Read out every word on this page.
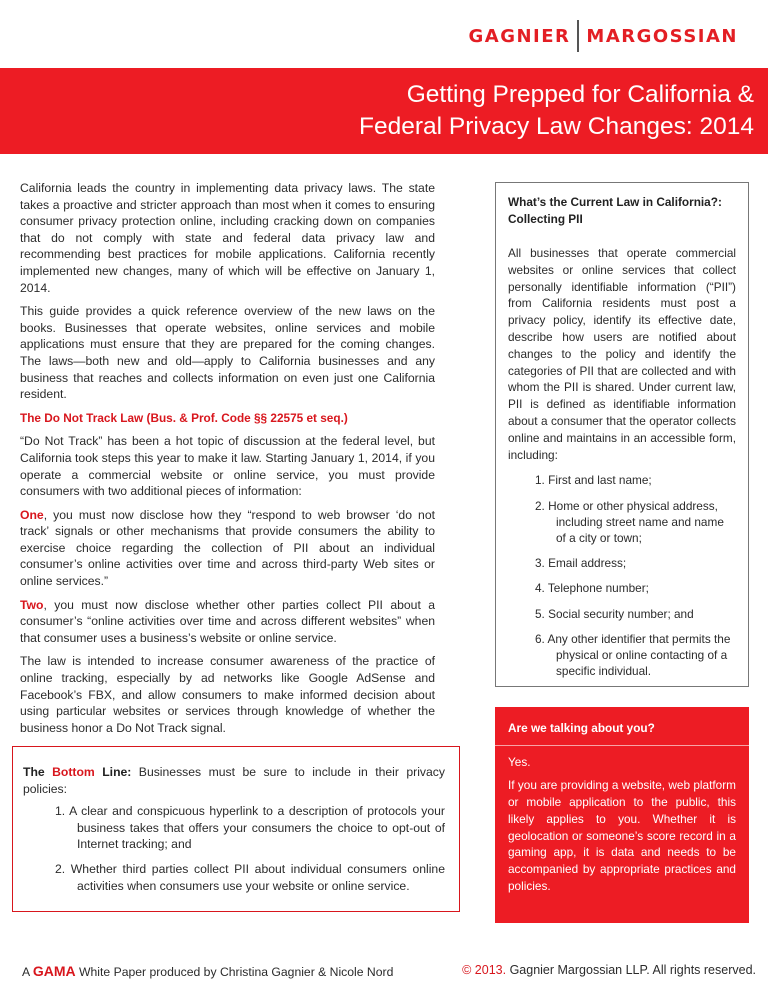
GAGNIER MARGOSSIAN
Getting Prepped for California &
Federal Privacy Law Changes: 2014

California leads the country in implementing data privacy laws. The state takes a proactive and stricter approach than most when it comes to ensuring consumer privacy protection online, including cracking down on companies that do not comply with state and federal data privacy law and recommending best practices for mobile applications. California recently implemented new changes, many of which will be effective on January 1, 2014.

This guide provides a quick reference overview of the new laws on the books. Businesses that operate websites, online services and mobile applications must ensure that they are prepared for the coming changes. The laws—both new and old—apply to California businesses and any business that reaches and collects information on even just one California resident.

The Do Not Track Law (Bus. & Prof. Code §§ 22575 et seq.)

“Do Not Track” has been a hot topic of discussion at the federal level, but California took steps this year to make it law. Starting January 1, 2014, if you operate a commercial website or online service, you must provide consumers with two additional pieces of information:

One, you must now disclose how they “respond to web browser ‘do not track’ signals or other mechanisms that provide consumers the ability to exercise choice regarding the collection of PII about an individual consumer’s online activities over time and across third-party Web sites or online services.”

Two, you must now disclose whether other parties collect PII about a consumer’s “online activities over time and across different websites” when that consumer uses a business’s website or online service.

The law is intended to increase consumer awareness of the practice of online tracking, especially by ad networks like Google AdSense and Facebook’s FBX, and allow consumers to make informed decision about using particular websites or services through knowledge of whether the business honor a Do Not Track signal.

What’s the Current Law in California?: Collecting PII

All businesses that operate commercial websites or online services that collect personally identifiable information (“PII”) from California residents must post a privacy policy, identify its effective date, describe how users are notified about changes to the policy and identify the categories of PII that are collected and with whom the PII is shared. Under current law, PII is defined as identifiable information about a consumer that the operator collects online and maintains in an accessible form, including:

1. First and last name;
2. Home or other physical address, including street name and name of a city or town;
3. Email address;
4. Telephone number;
5. Social security number; and
6. Any other identifier that permits the physical or online contacting of a specific individual.
Are we talking about you?

Yes.

If you are providing a website, web platform or mobile application to the public, this likely applies to you. Whether it is geolocation or someone’s score record in a gaming app, it is data and needs to be accompanied by appropriate practices and policies.

The Bottom Line: Businesses must be sure to include in their privacy policies:

1. A clear and conspicuous hyperlink to a description of protocols your business takes that offers your consumers the choice to opt-out of Internet tracking; and
2. Whether third parties collect PII about individual consumers online activities when consumers use your website or online service.
A GAMA White Paper produced by Christina Gagnier & Nicole Nord	© 2013. Gagnier Margossian LLP. All rights reserved.
